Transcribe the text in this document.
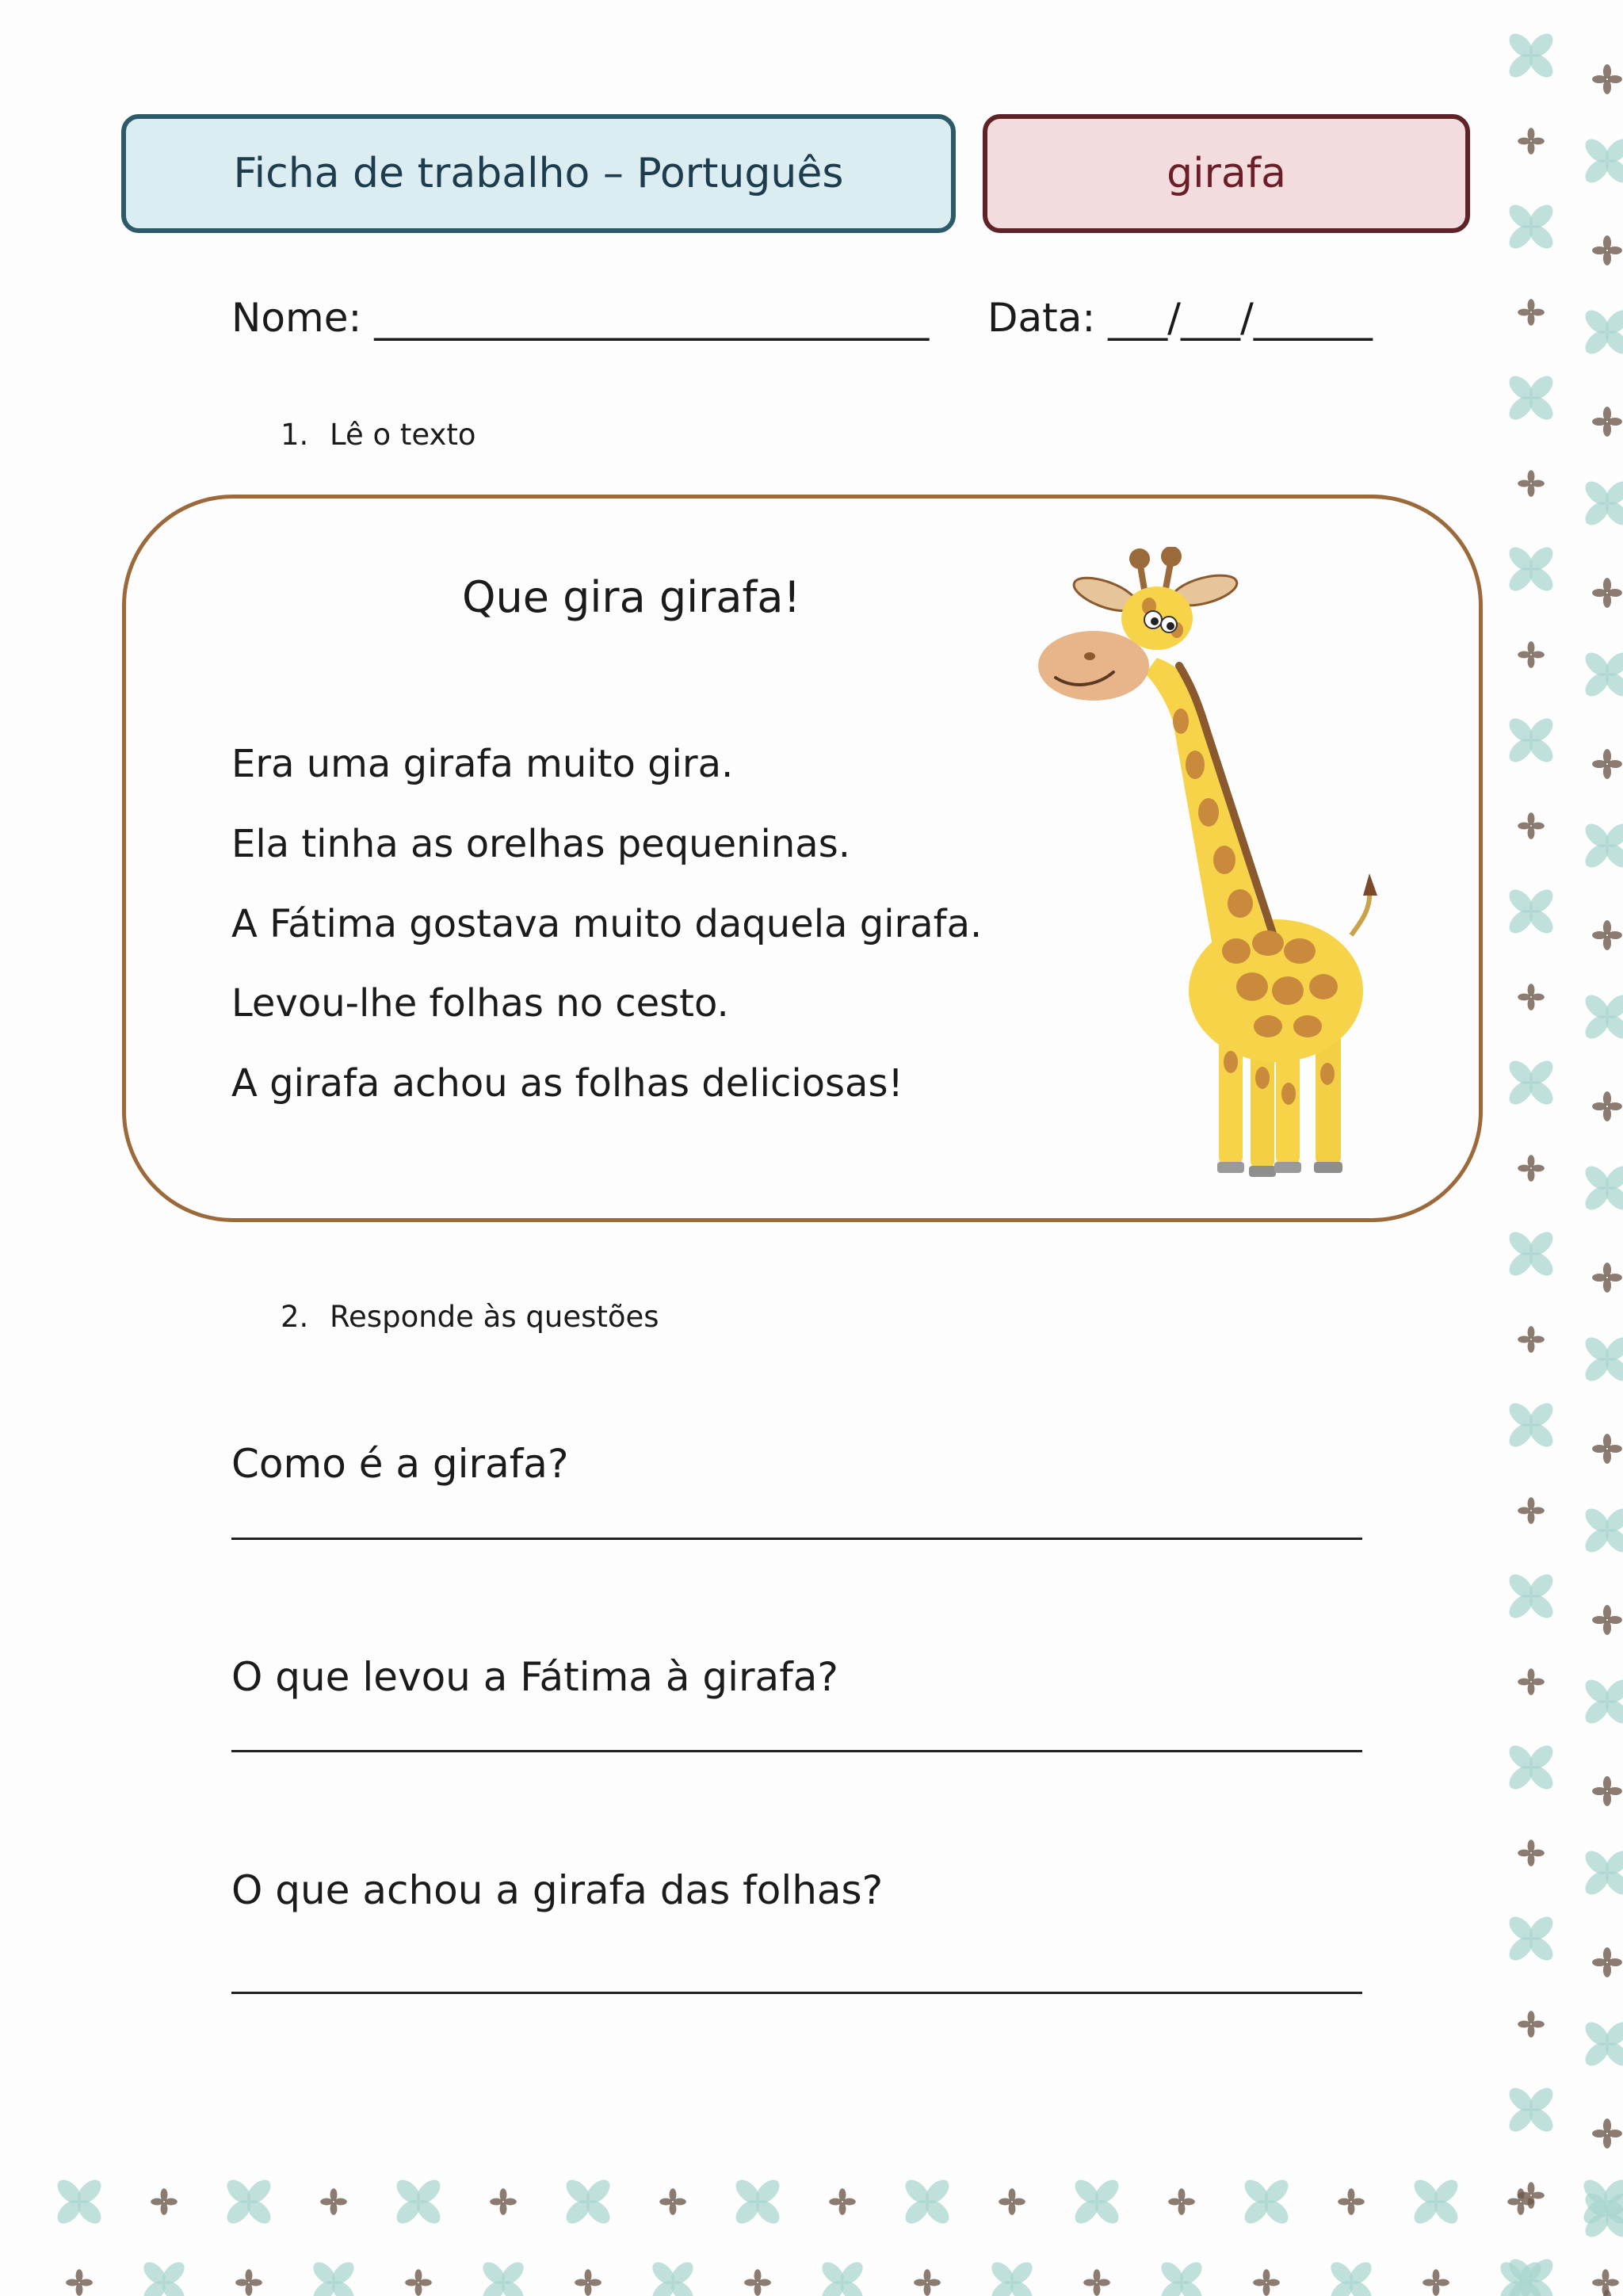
Ficha de trabalho – Português	girafa
Nome: ____________________________ Data: ___/___/______
1. Lê o texto
Que gira girafa!
Era uma girafa muito gira.
Ela tinha as orelhas pequeninas.
A Fátima gostava muito daquela girafa.
Levou-lhe folhas no cesto.
A girafa achou as folhas deliciosas!
2. Responde às questões
Como é a girafa?
O que levou a Fátima à girafa?
O que achou a girafa das folhas?
